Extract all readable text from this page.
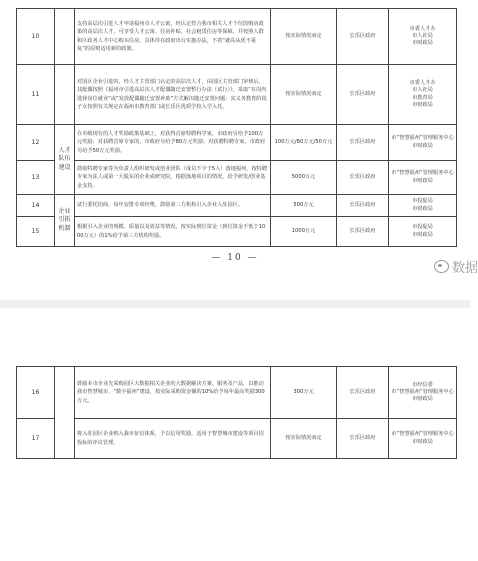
10		支持高层次引进人才申请福州市人才公寓，经认定符合我市相关人才个位段购房政策的高层次人才，可享受人才公寓、住房补贴、社会租赁住房等保障，并按照人群和区政务人才中心购买住房。具体待在政府出台实施办法，不着“就高从优不重复”的原则适用新的政策。	按实际情况而定	长乐区政府	市委人才办
市人社局
市财政局
11		对国区企业引进的，经人才主管部门认定的高层次人才，由国区主管部门审核后，其配偶按照《福州市引进高层次人才配偶随迁安置暂行办法（试行）》，采取“在岗内选择岗位就业”或“发放配偶随迁安置补助”方式解决随迁安置问题；其义务教育阶段子女按照有关规定在福州市教育部门或长乐区优质学校入学入托。	按实际情况而定	长乐区政府	市委人才办
市人社局
市教育局
市财政局
12	人才队伍建设	在市级现有的人才奖励政策基础上，对获得首席特聘科学家，市政府另给予100万元奖励；对获聘首席专家的，市政府另给予80万元奖励；对获聘特聘专家，市政府另给予50万元奖励。	100万元/80万元/50万元	长乐区政府	市“智慧福州”管理服务中心
市财政局
13		鼓励特聘专家等为负责人组织研发或创业团队（成员不少于5人）落地福州，按特聘专家为法人或第一大股东的企业或研究院，根据落地项目的情况，给予研发/创业基金支持。	5000万元	长乐区政府	市“智慧福州”管理服务中心
市财政局
14	企业引拓机制	试行委托招商，每年安排专项经费，鼓励第三方机构引入企业入驻园区。	500万元	长乐区政府	市投促局
市财政局
15		根据引入企业的规模、质量以及效益等情况，按实际到位资金（到位资金不低于1000万元）的1%给予第三方机构奖励。	1000万元	长乐区政府	市投促局
市财政局
— 10 —
数据
16		鼓励本市企业先采购园区大数据相关企业的大数据解决方案、服务及产品，以推动我市智慧城市、“数字福州”建设，按实际采购资金额的10%给予每年最高奖励300万元。	300万元	长乐区政府	市经信委
市“智慧福州”管理服务中心
市财政局
17		将入驻园区企业纳入我市征信体系，予以信用奖励，适用于智慧城市建设等项目招投标的评议管理。	按实际情况而定	长乐区政府	市“智慧福州”管理服务中心
市财政局
